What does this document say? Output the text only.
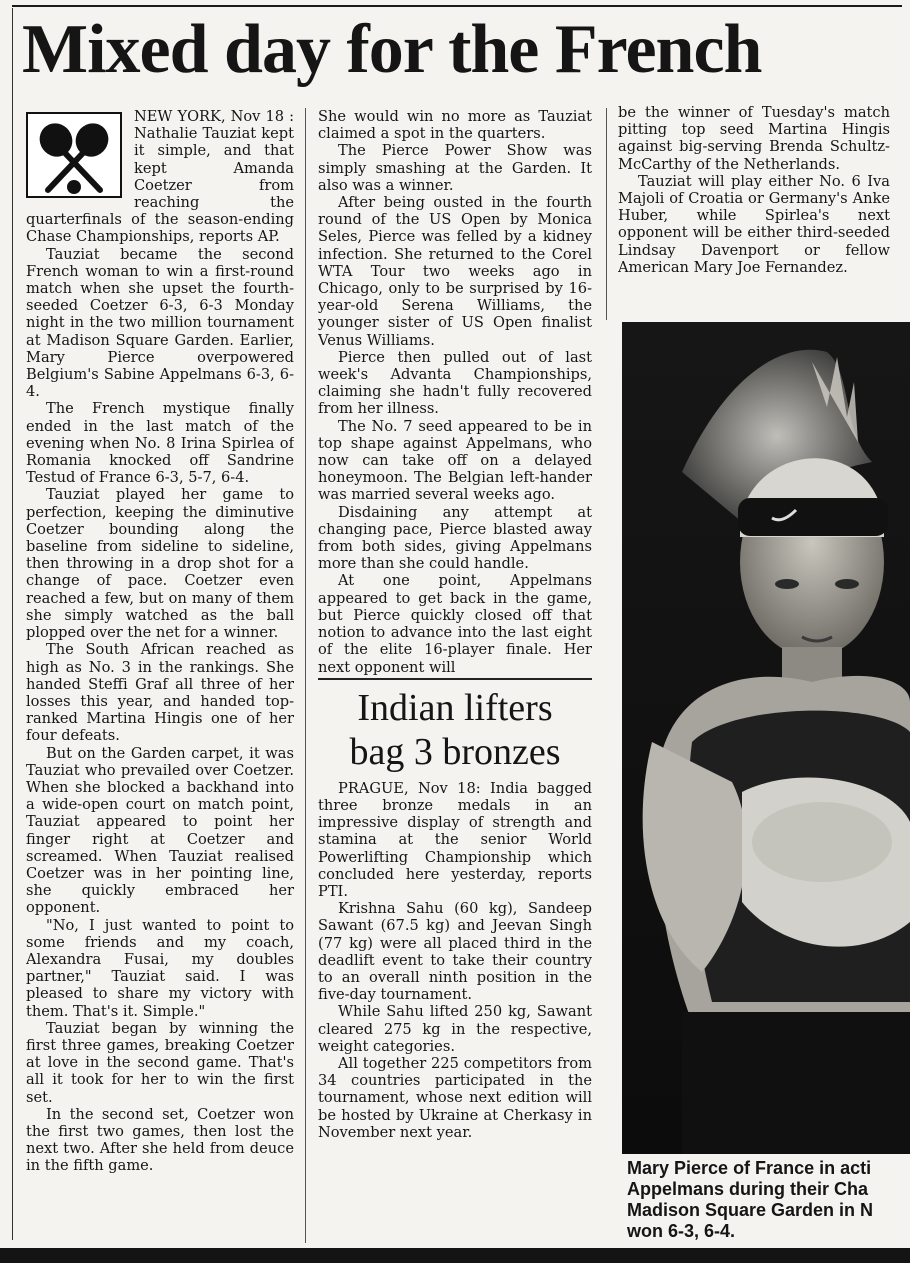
Mixed day for the French

NEW YORK, Nov 18 : Nathalie Tauziat kept it simple, and that kept Amanda Coetzer from reaching the quarterfinals of the season-ending Chase Championships, reports AP.

Tauziat became the second French woman to win a first-round match when she upset the fourth-seeded Coetzer 6-3, 6-3 Monday night in the two million tournament at Madison Square Garden. Earlier, Mary Pierce overpowered Belgium's Sabine Appelmans 6-3, 6-4.

The French mystique finally ended in the last match of the evening when No. 8 Irina Spirlea of Romania knocked off Sandrine Testud of France 6-3, 5-7, 6-4.

Tauziat played her game to perfection, keeping the diminutive Coetzer bounding along the baseline from sideline to sideline, then throwing in a drop shot for a change of pace. Coetzer even reached a few, but on many of them she simply watched as the ball plopped over the net for a winner.

The South African reached as high as No. 3 in the rankings. She handed Steffi Graf all three of her losses this year, and handed top-ranked Martina Hingis one of her four defeats.

But on the Garden carpet, it was Tauziat who prevailed over Coetzer. When she blocked a backhand into a wide-open court on match point, Tauziat appeared to point her finger right at Coetzer and screamed. When Tauziat realised Coetzer was in her pointing line, she quickly embraced her opponent.

"No, I just wanted to point to some friends and my coach, Alexandra Fusai, my doubles partner," Tauziat said. I was pleased to share my victory with them. That's it. Simple."

Tauziat began by winning the first three games, breaking Coetzer at love in the second game. That's all it took for her to win the first set.

In the second set, Coetzer won the first two games, then lost the next two. After she held from deuce in the fifth game.

She would win no more as Tauziat claimed a spot in the quarters.

The Pierce Power Show was simply smashing at the Garden. It also was a winner.

After being ousted in the fourth round of the US Open by Monica Seles, Pierce was felled by a kidney infection. She returned to the Corel WTA Tour two weeks ago in Chicago, only to be surprised by 16-year-old Serena Williams, the younger sister of US Open finalist Venus Williams.

Pierce then pulled out of last week's Advanta Championships, claiming she hadn't fully recovered from her illness.

The No. 7 seed appeared to be in top shape against Appelmans, who now can take off on a delayed honeymoon. The Belgian left-hander was married several weeks ago.

Disdaining any attempt at changing pace, Pierce blasted away from both sides, giving Appelmans more than she could handle.

At one point, Appelmans appeared to get back in the game, but Pierce quickly closed off that notion to advance into the last eight of the elite 16-player finale. Her next opponent will

Indian lifters
bag 3 bronzes

PRAGUE, Nov 18: India bagged three bronze medals in an impressive display of strength and stamina at the senior World Powerlifting Championship which concluded here yesterday, reports PTI.

Krishna Sahu (60 kg), Sandeep Sawant (67.5 kg) and Jeevan Singh (77 kg) were all placed third in the deadlift event to take their country to an overall ninth position in the five-day tournament.

While Sahu lifted 250 kg, Sawant cleared 275 kg in the respective, weight categories.

All together 225 competitors from 34 countries participated in the tournament, whose next edition will be hosted by Ukraine at Cherkasy in November next year.

be the winner of Tuesday's match pitting top seed Martina Hingis against big-serving Brenda Schultz-McCarthy of the Netherlands.

Tauziat will play either No. 6 Iva Majoli of Croatia or Germany's Anke Huber, while Spirlea's next opponent will be either third-seeded Lindsay Davenport or fellow American Mary Joe Fernandez.

Mary Pierce of France in acti
Appelmans during their Cha
Madison Square Garden in N
won 6-3, 6-4.
